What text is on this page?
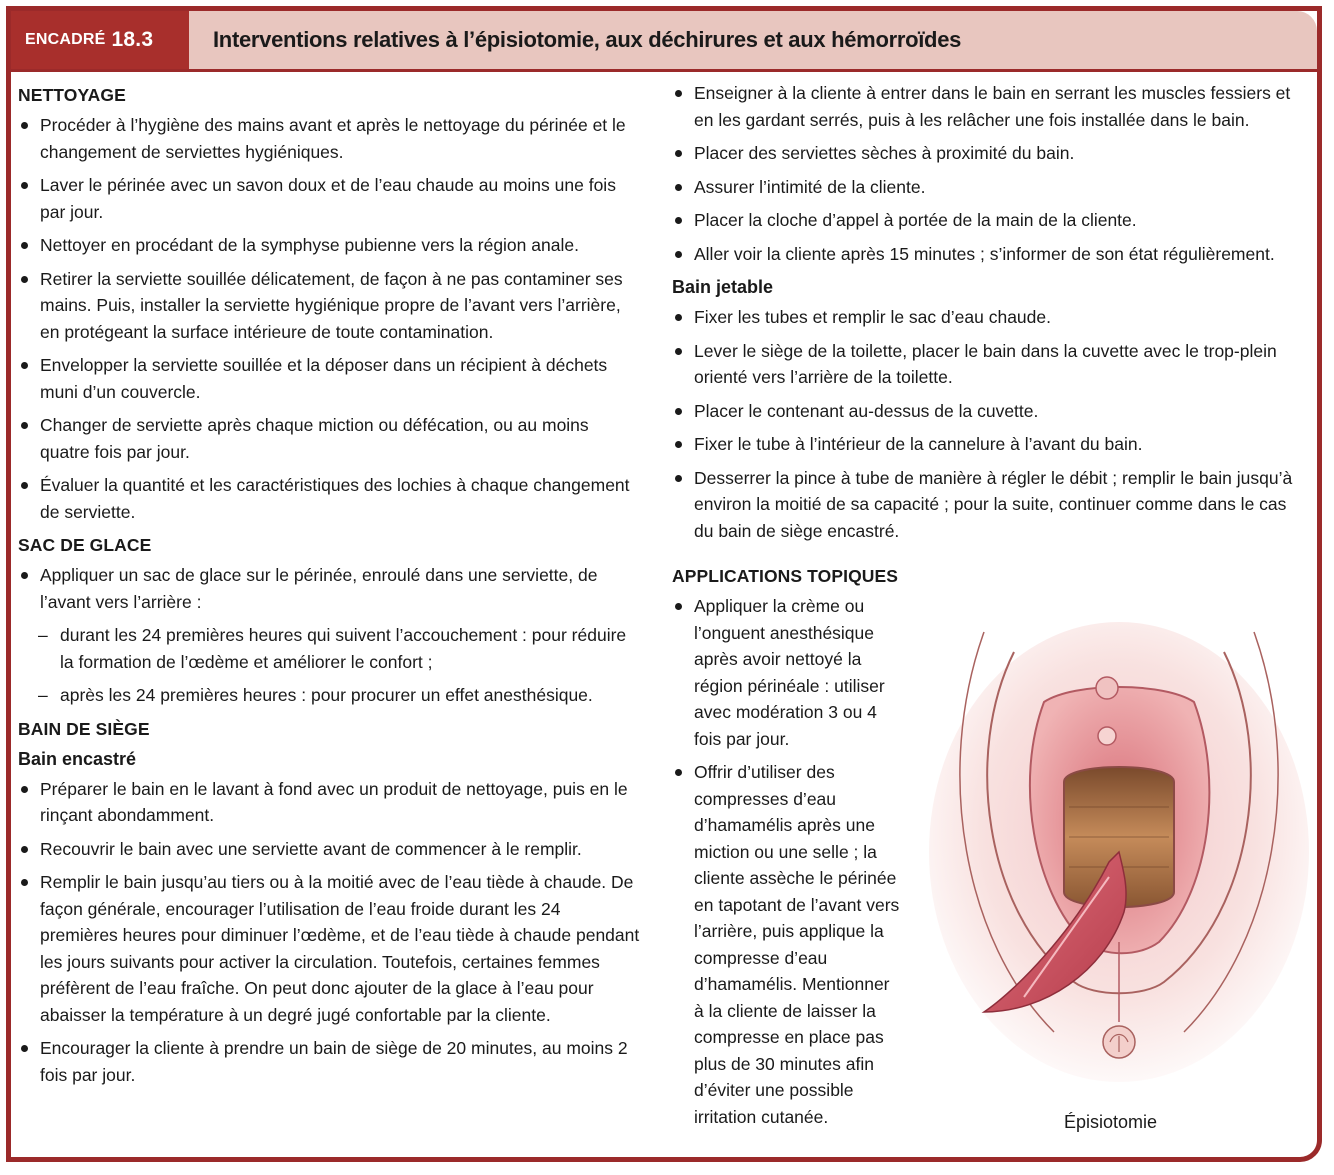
ENCADRÉ 18.3	Interventions relatives à l’épisiotomie, aux déchirures et aux hémorroïdes
NETTOYAGE
Procéder à l’hygiène des mains avant et après le nettoyage du périnée et le changement de serviettes hygiéniques.
Laver le périnée avec un savon doux et de l’eau chaude au moins une fois par jour.
Nettoyer en procédant de la symphyse pubienne vers la région anale.
Retirer la serviette souillée délicatement, de façon à ne pas contaminer ses mains. Puis, installer la serviette hygiénique propre de l’avant vers l’arrière, en protégeant la surface intérieure de toute contamination.
Envelopper la serviette souillée et la déposer dans un récipient à déchets muni d’un couvercle.
Changer de serviette après chaque miction ou défécation, ou au moins quatre fois par jour.
Évaluer la quantité et les caractéristiques des lochies à chaque changement de serviette.
SAC DE GLACE
Appliquer un sac de glace sur le périnée, enroulé dans une serviette, de l’avant vers l’arrière :
– durant les 24 premières heures qui suivent l’accouchement : pour réduire la formation de l’œdème et améliorer le confort ;
– après les 24 premières heures : pour procurer un effet anesthésique.
BAIN DE SIÈGE
Bain encastré
Préparer le bain en le lavant à fond avec un produit de nettoyage, puis en le rinçant abondamment.
Recouvrir le bain avec une serviette avant de commencer à le remplir.
Remplir le bain jusqu’au tiers ou à la moitié avec de l’eau tiède à chaude. De façon générale, encourager l’utilisation de l’eau froide durant les 24 premières heures pour diminuer l’œdème, et de l’eau tiède à chaude pendant les jours suivants pour activer la circulation. Toutefois, certaines femmes préfèrent de l’eau fraîche. On peut donc ajouter de la glace à l’eau pour abaisser la température à un degré jugé confortable par la cliente.
Encourager la cliente à prendre un bain de siège de 20 minutes, au moins 2 fois par jour.
Enseigner à la cliente à entrer dans le bain en serrant les muscles fessiers et en les gardant serrés, puis à les relâcher une fois installée dans le bain.
Placer des serviettes sèches à proximité du bain.
Assurer l’intimité de la cliente.
Placer la cloche d’appel à portée de la main de la cliente.
Aller voir la cliente après 15 minutes ; s’informer de son état régulièrement.
Bain jetable
Fixer les tubes et remplir le sac d’eau chaude.
Lever le siège de la toilette, placer le bain dans la cuvette avec le trop-plein orienté vers l’arrière de la toilette.
Placer le contenant au-dessus de la cuvette.
Fixer le tube à l’intérieur de la cannelure à l’avant du bain.
Desserrer la pince à tube de manière à régler le débit ; remplir le bain jusqu’à environ la moitié de sa capacité ; pour la suite, continuer comme dans le cas du bain de siège encastré.
APPLICATIONS TOPIQUES
Appliquer la crème ou l’onguent anesthésique après avoir nettoyé la région périnéale : utiliser avec modération 3 ou 4 fois par jour.
Offrir d’utiliser des compresses d’eau d’hamamélis après une miction ou une selle ; la cliente assèche le périnée en tapotant de l’avant vers l’arrière, puis applique la compresse d’eau d’hamamélis. Mentionner à la cliente de laisser la compresse en place pas plus de 30 minutes afin d’éviter une possible irritation cutanée.	Épisiotomie
